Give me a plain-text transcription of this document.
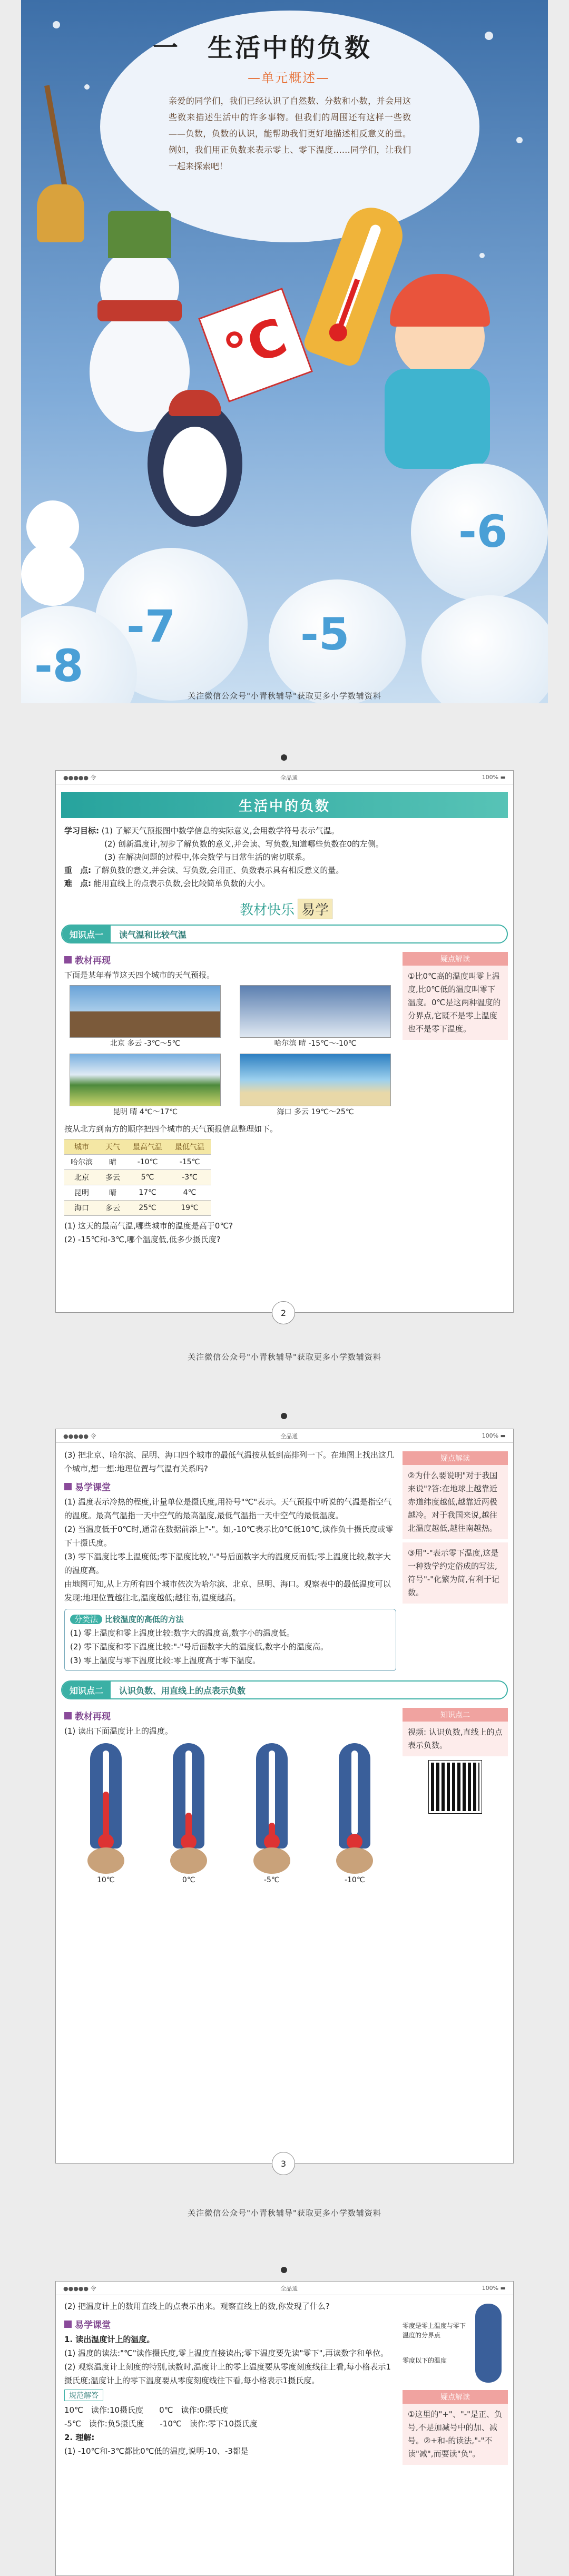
一　生活中的负数
—单元概述—
亲爱的同学们，我们已经认识了自然数、分数和小数，并会用这些数来描述生活中的许多事物。但我们的周围还有这样一些数——负数，负数的认识，能帮助我们更好地描述相反意义的量。例如，我们用正负数来表示零上、零下温度……同学们，让我们一起来探索吧！
℃
-6
-7	-5
-8
关注微信公众号"小青秋辅导"获取更多小学数辅资料
●●●●● 令	全品通	100% ▬
生活中的负数
学习目标: (1) 了解天气预报图中数学信息的实际意义,会用数学符号表示气温。
(2) 创新温度计,初步了解负数的意义,并会读、写负数,知道哪些负数在0的左侧。
(3) 在解决问题的过程中,体会数学与日常生活的密切联系。
重　点: 了解负数的意义,并会读、写负数,会用正、负数表示具有相反意义的量。
难　点: 能用直线上的点表示负数,会比较简单负数的大小。
教材快乐 易学
知识点一	读气温和比较气温
教材再现
下面是某年春节这天四个城市的天气预报。
北京 多云 -3℃～5℃	哈尔滨 晴 -15℃～-10℃
昆明 晴 4℃～17℃	海口 多云 19℃～25℃
按从北方到南方的顺序把四个城市的天气预报信息整理如下。
城市	天气	最高气温	最低气温
哈尔滨	晴	-10℃	-15℃
北京	多云	5℃	-3℃
昆明	晴	17℃	4℃
海口	多云	25℃	19℃
(1) 这天的最高气温,哪些城市的温度是高于0℃?
(2) -15℃和-3℃,哪个温度低,低多少摄氏度?
疑点解读
①比0℃高的温度叫零上温度,比0℃低的温度叫零下温度。0℃是这两种温度的分界点,它既不是零上温度也不是零下温度。
2
关注微信公众号"小青秋辅导"获取更多小学数辅资料
●●●●● 令	全品通	100% ▬
(3) 把北京、哈尔滨、昆明、海口四个城市的最低气温按从低到高排列一下。在地图上找出这几个城市,想一想:地理位置与气温有关系吗?
易学课堂
(1) 温度表示冷热的程度,计量单位是摄氏度,用符号"℃"表示。天气预报中听说的气温是指空气的温度。最高气温指一天中空气的最高温度,最低气温指一天中空气的最低温度。
(2) 当温度低于0℃时,通常在数据前添上"-"。如,-10℃表示比0℃低10℃,读作负十摄氏度或零下十摄氏度。
(3) 零下温度比零上温度低;零下温度比较,"-"号后面数字大的温度反而低;零上温度比较,数字大的温度高。
由地图可知,从上方所有四个城市依次为哈尔滨、北京、昆明、海口。观察表中的最低温度可以发现:地理位置越往北,温度越低;越往南,温度越高。
分类法 比较温度的高低的方法
(1) 零上温度和零上温度比较:数字大的温度高,数字小的温度低。
(2) 零下温度和零下温度比较:"-"号后面数字大的温度低,数字小的温度高。
(3) 零上温度与零下温度比较:零上温度高于零下温度。
疑点解读
②为什么要说明"对于我国来说"?答:在地球上越靠近赤道纬度越低,越靠近两极越冷。对于我国来说,越往北温度越低,越往南越热。
③用"-"表示零下温度,这是一种数学约定俗成的写法,符号"-"化繁为简,有利于记数。
知识点二	认识负数、用直线上的点表示负数
教材再现
(1) 读出下面温度计上的温度。
10℃	0℃	-5℃	-10℃
知识点二
视频: 认识负数,直线上的点表示负数。
3
关注微信公众号"小青秋辅导"获取更多小学数辅资料
●●●●● 令	全品通	100% ▬
(2) 把温度计上的数用直线上的点表示出来。观察直线上的数,你发现了什么?
易学课堂
1. 读出温度计上的温度。
(1) 温度的读法:"℃"读作摄氏度,零上温度直接读出;零下温度要先读"零下",再读数字和单位。
(2) 观察温度计上刻度的特别,读数时,温度计上的零上温度要从零度刻度线往上看,每小格表示1摄氏度;温度计上的零下温度要从零度刻度线往下看,每小格表示1摄氏度。
规范解答
10℃　读作:10摄氏度　　0℃　读作:0摄氏度
-5℃　读作:负5摄氏度　　-10℃　读作:零下10摄氏度
2. 理解:
(1) -10℃和-3℃都比0℃低的温度,说明-10、-3都是
零度是零上温度与零下温度的分界点
零度以下的温度
疑点解读
①这里的"+"、"-"是正、负号,不是加减号中的加、减号。②+和-的读法,"-"不读"减",而要读"负"。
